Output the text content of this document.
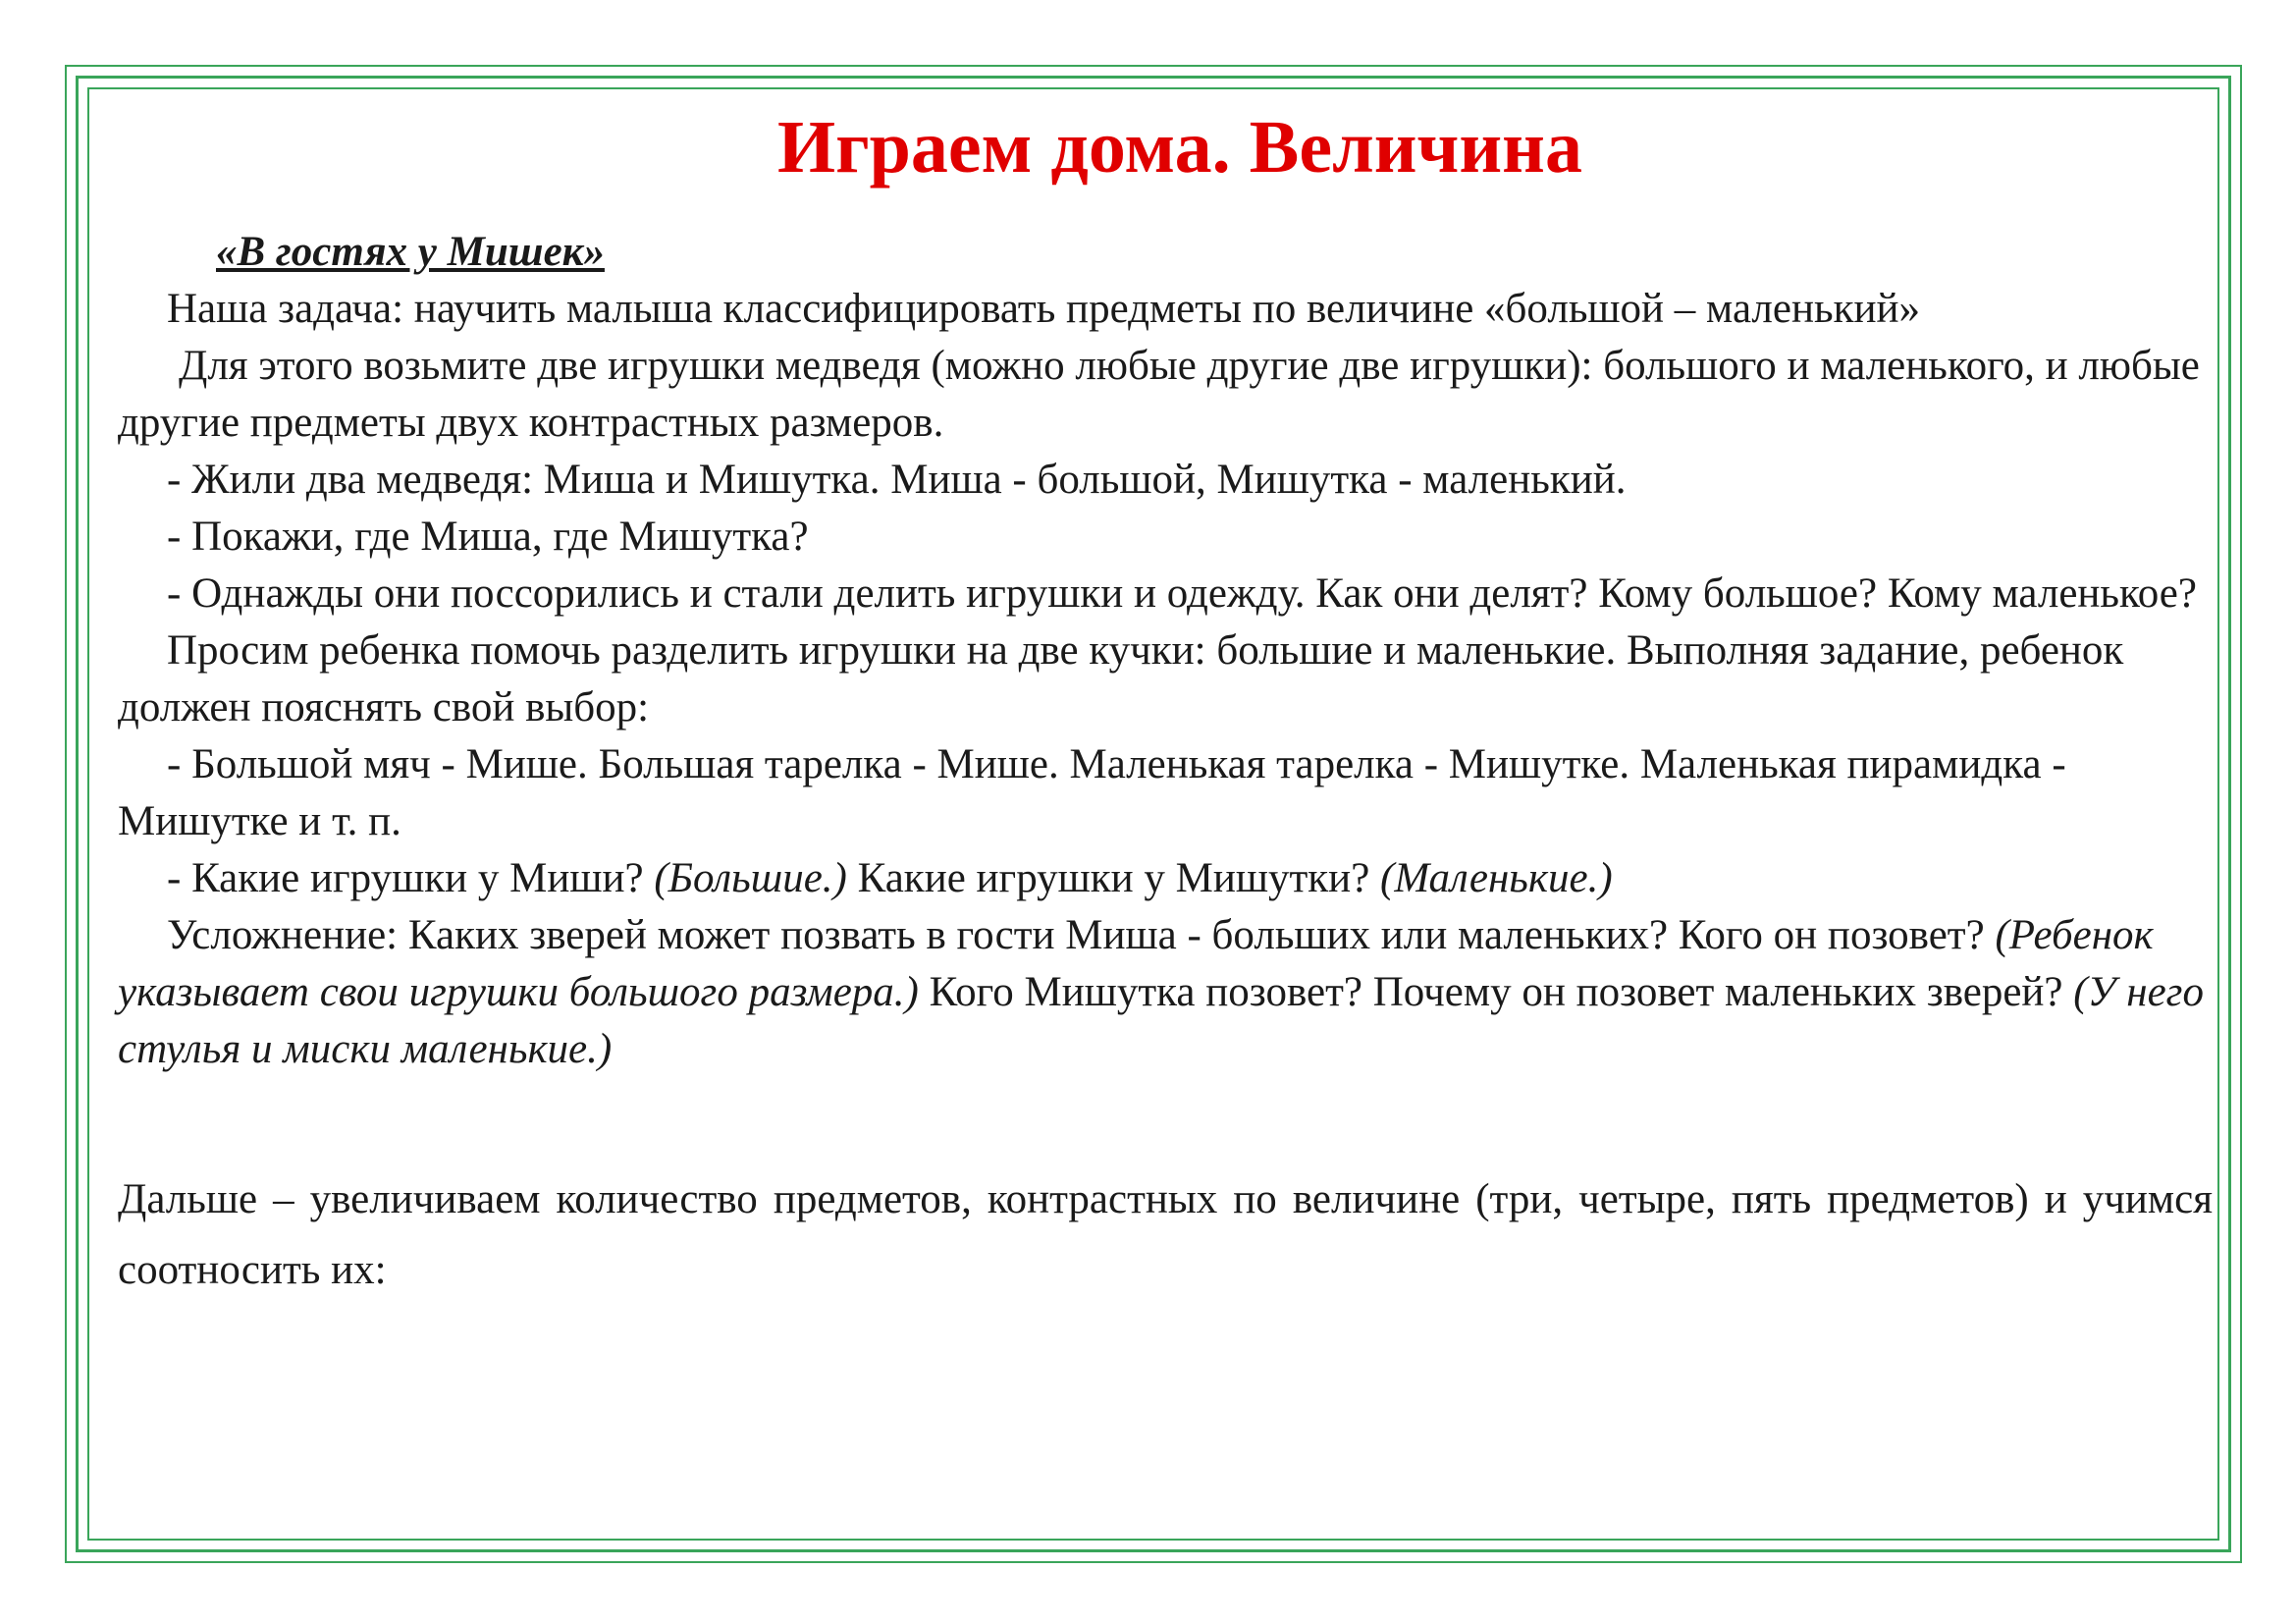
Играем дома. Величина
«В гостях у Мишек»

Наша задача: научить малыша классифицировать предметы по величине «большой – маленький»

Для этого возьмите две игрушки медведя (можно любые другие две игрушки): большого и маленького, и любые другие предметы двух контрастных размеров.

- Жили два медведя: Миша и Мишутка. Миша - большой, Мишутка - маленький.

- Покажи, где Миша, где Мишутка?

- Однажды они поссорились и стали делить игрушки и одежду. Как они делят? Кому большое? Кому маленькое?

Просим ребенка помочь разделить игрушки на две кучки: большие и маленькие. Выполняя задание, ребенок должен пояснять свой выбор:

- Большой мяч - Мише. Большая тарелка - Мише. Маленькая тарелка - Мишутке. Маленькая пирамидка - Мишутке и т. п.

- Какие игрушки у Миши? (Большие.) Какие игрушки у Мишутки? (Маленькие.)

Усложнение: Каких зверей может позвать в гости Миша - больших или маленьких? Кого он позовет? (Ребенок указывает свои игрушки большого размера.) Кого Мишутка позовет? Почему он позовет маленьких зверей? (У него стулья и миски маленькие.)

Дальше – увеличиваем количество предметов, контрастных по величине (три, четыре, пять предметов) и учимся соотносить их:
